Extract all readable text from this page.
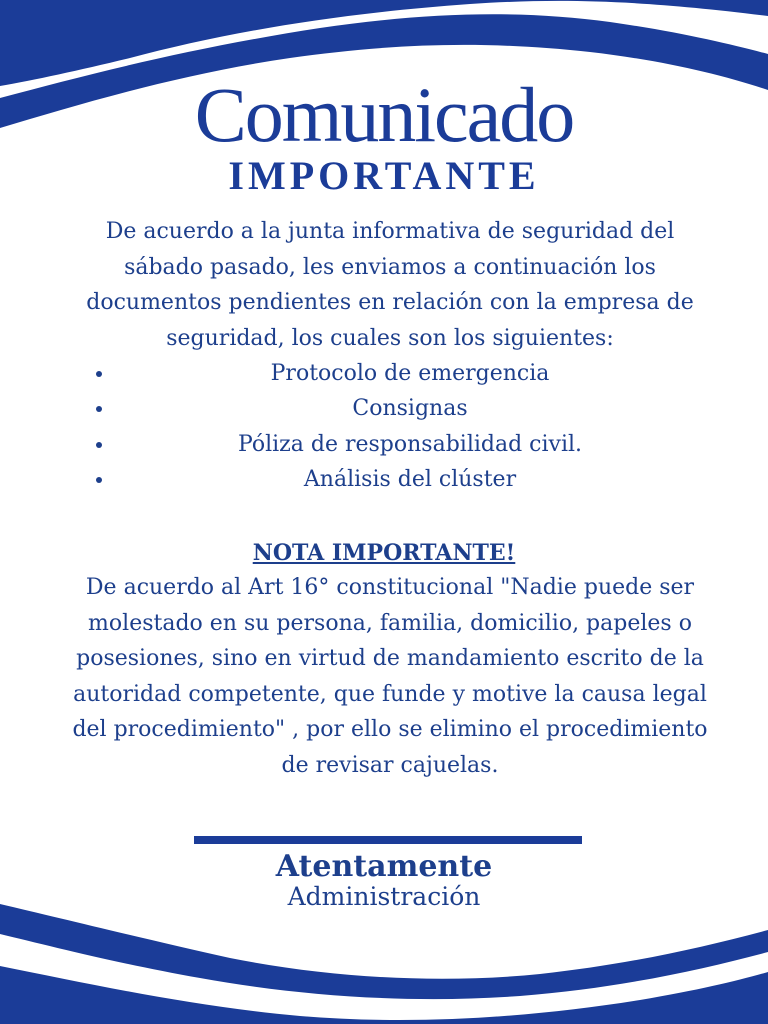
Comunicado
IMPORTANTE

De acuerdo a la junta informativa de seguridad del sábado pasado, les enviamos a continuación los documentos pendientes en relación con la empresa de seguridad, los cuales son los siguientes:

Protocolo de emergencia
Consignas
Póliza de responsabilidad civil.
Análisis del clúster
NOTA IMPORTANTE!

De acuerdo al Art 16° constitucional "Nadie puede ser molestado en su persona, familia, domicilio, papeles o posesiones, sino en virtud de mandamiento escrito de la autoridad competente, que funde y motive la causa legal del procedimiento" , por ello se elimino el procedimiento de revisar cajuelas.

Atentamente
Administración
